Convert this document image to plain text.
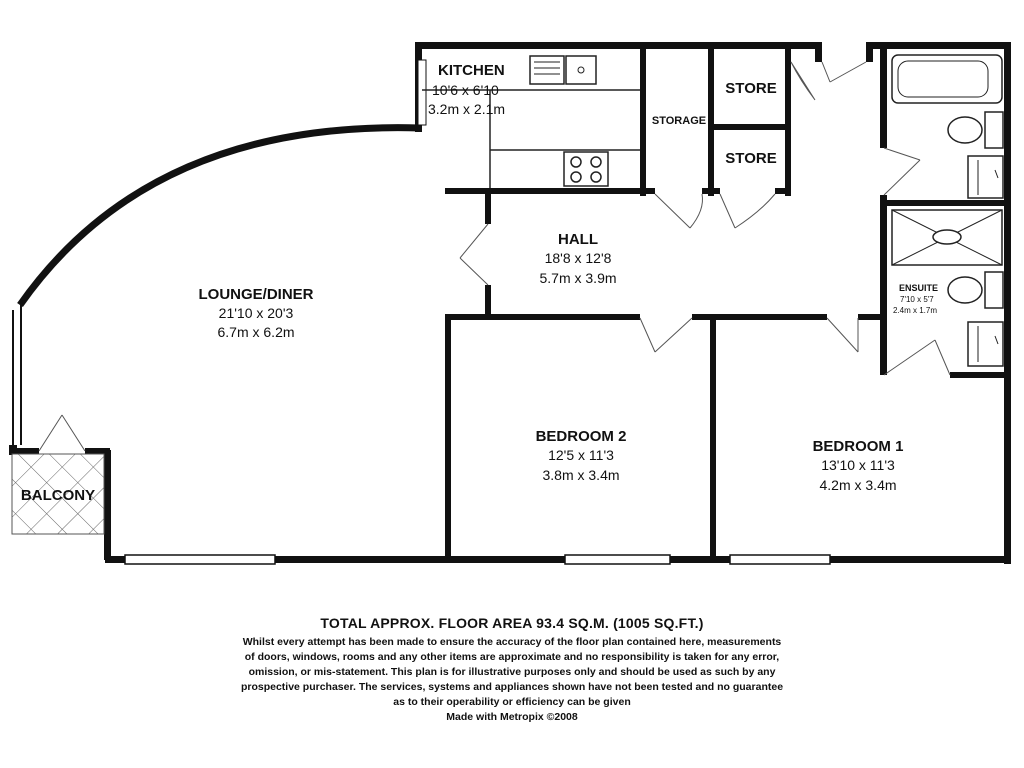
KITCHEN
10'6 x 6'10
3.2m x 2.1m
LOUNGE/DINER
21'10 x 20'3
6.7m x 6.2m
HALL
18'8 x 12'8
5.7m x 3.9m
BEDROOM 2
12'5 x 11'3
3.8m x 3.4m
BEDROOM 1
13'10 x 11'3
4.2m x 3.4m
ENSUITE
7'10 x 5'7
2.4m x 1.7m
STORE
STORE
STORAGE
BALCONY
TOTAL APPROX. FLOOR AREA 93.4 SQ.M. (1005 SQ.FT.)
Whilst every attempt has been made to ensure the accuracy of the floor plan contained here, measurements
of doors, windows, rooms and any other items are approximate and no responsibility is taken for any error,
omission, or mis-statement. This plan is for illustrative purposes only and should be used as such by any
prospective purchaser. The services, systems and appliances shown have not been tested and no guarantee
as to their operability or efficiency can be given
Made with Metropix ©2008
